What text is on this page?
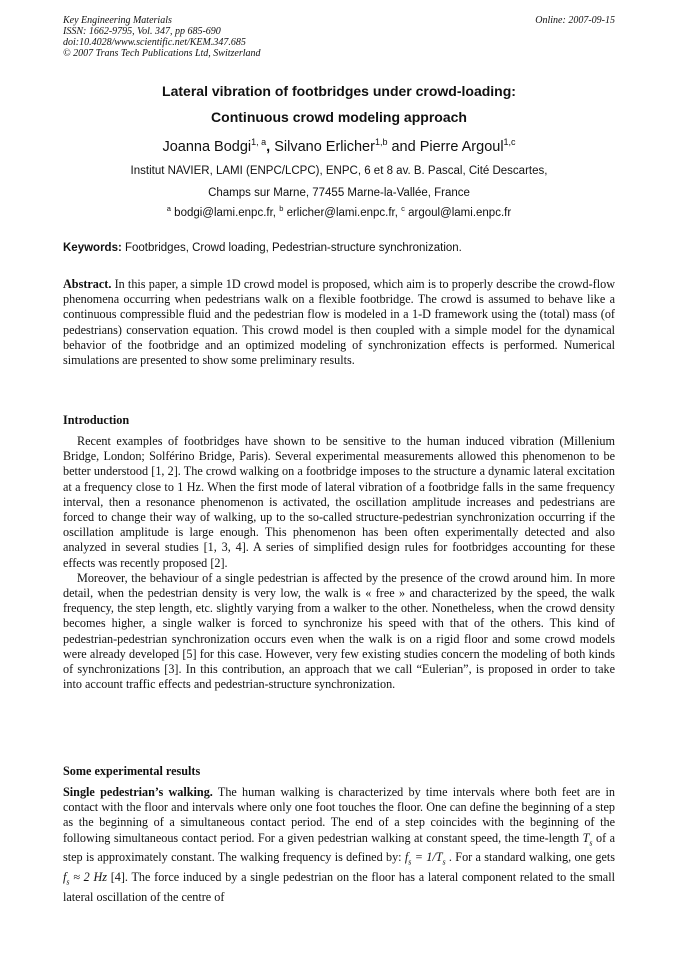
Key Engineering Materials
ISSN: 1662-9795, Vol. 347, pp 685-690
doi:10.4028/www.scientific.net/KEM.347.685
© 2007 Trans Tech Publications Ltd, Switzerland
Online: 2007-09-15
Lateral vibration of footbridges under crowd-loading:
Continuous crowd modeling approach
Joanna Bodgi$^{1, a}$, Silvano Erlicher$^{1,b}$ and Pierre Argoul$^{1,c}$
Institut NAVIER, LAMI (ENPC/LCPC), ENPC, 6 et 8 av. B. Pascal, Cité Descartes,
Champs sur Marne, 77455 Marne-la-Vallée, France
$^a$ bodgi@lami.enpc.fr, $^b$ erlicher@lami.enpc.fr, $^c$ argoul@lami.enpc.fr
Keywords: Footbridges, Crowd loading, Pedestrian-structure synchronization.

Abstract. In this paper, a simple 1D crowd model is proposed, which aim is to properly describe the crowd-flow phenomena occurring when pedestrians walk on a flexible footbridge. The crowd is assumed to behave like a continuous compressible fluid and the pedestrian flow is modeled in a 1-D framework using the (total) mass (of pedestrians) conservation equation. This crowd model is then coupled with a simple model for the dynamical behavior of the footbridge and an optimized modeling of synchronization effects is performed. Numerical simulations are presented to show some preliminary results.

Introduction

Recent examples of footbridges have shown to be sensitive to the human induced vibration (Millenium Bridge, London; Solférino Bridge, Paris). Several experimental measurements allowed this phenomenon to be better understood [1, 2]. The crowd walking on a footbridge imposes to the structure a dynamic lateral excitation at a frequency close to 1 Hz. When the first mode of lateral vibration of a footbridge falls in the same frequency interval, then a resonance phenomenon is activated, the oscillation amplitude increases and pedestrians are forced to change their way of walking, up to the so-called structure-pedestrian synchronization occurring if the oscillation amplitude is large enough. This phenomenon has been often experimentally detected and also analyzed in several studies [1, 3, 4]. A series of simplified design rules for footbridges accounting for these effects was recently proposed [2].

Moreover, the behaviour of a single pedestrian is affected by the presence of the crowd around him. In more detail, when the pedestrian density is very low, the walk is « free » and characterized by the speed, the walk frequency, the step length, etc. slightly varying from a walker to the other. Nonetheless, when the crowd density becomes higher, a single walker is forced to synchronize his speed with that of the others. This kind of pedestrian-pedestrian synchronization occurs even when the walk is on a rigid floor and some crowd models were already developed [5] for this case. However, very few existing studies concern the modeling of both kinds of synchronizations [3]. In this contribution, an approach that we call “Eulerian”, is proposed in order to take into account traffic effects and pedestrian-structure synchronization.

Some experimental results

Single pedestrian’s walking. The human walking is characterized by time intervals where both feet are in contact with the floor and intervals where only one foot touches the floor. One can define the beginning of a step as the beginning of a simultaneous contact period. The end of a step coincides with the beginning of the following simultaneous contact period. For a given pedestrian walking at constant speed, the time-length $T_s$ of a step is approximately constant. The walking frequency is defined by: $f_s = 1/T_s$ . For a standard walking, one gets $f_s \approx 2$ Hz [4]. The force induced by a single pedestrian on the floor has a lateral component related to the small lateral oscillation of the centre of
